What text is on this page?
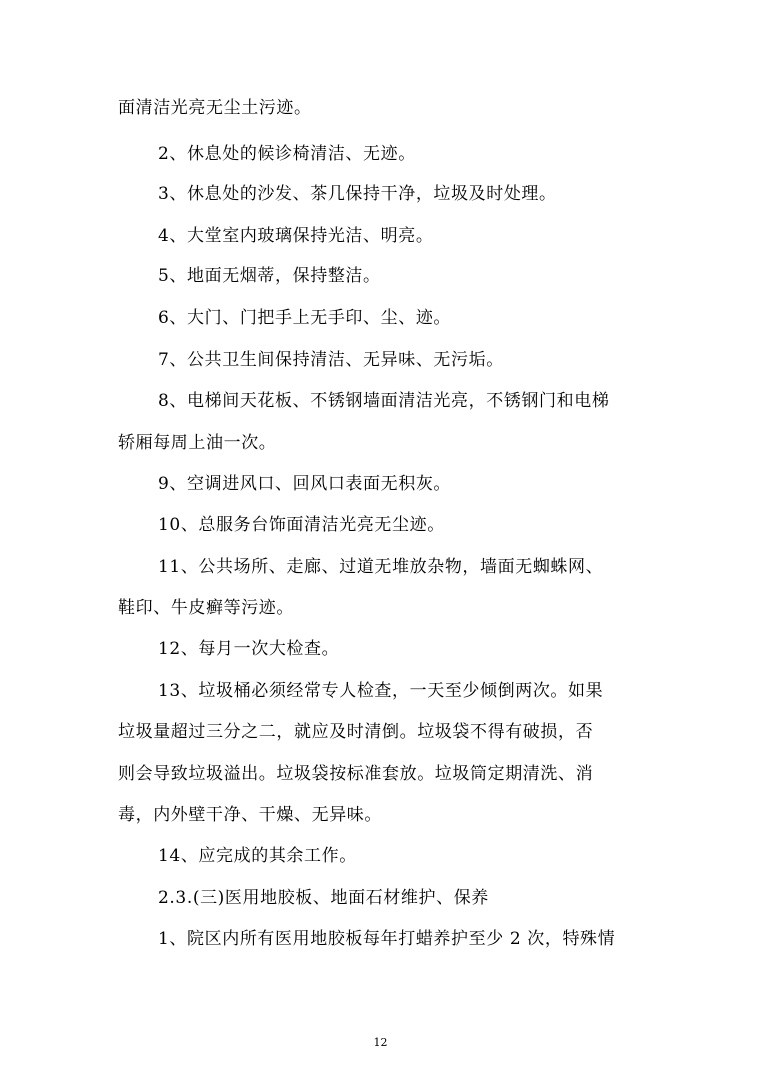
面清洁光亮无尘土污迹。
2、休息处的候诊椅清洁、无迹。
3、休息处的沙发、茶几保持干净，垃圾及时处理。
4、大堂室内玻璃保持光洁、明亮。
5、地面无烟蒂，保持整洁。
6、大门、门把手上无手印、尘、迹。
7、公共卫生间保持清洁、无异味、无污垢。
8、电梯间天花板、不锈钢墙面清洁光亮，不锈钢门和电梯
轿厢每周上油一次。
9、空调进风口、回风口表面无积灰。
10、总服务台饰面清洁光亮无尘迹。
11、公共场所、走廊、过道无堆放杂物，墙面无蜘蛛网、
鞋印、牛皮癣等污迹。
12、每月一次大检查。
13、垃圾桶必须经常专人检查，一天至少倾倒两次。如果
垃圾量超过三分之二，就应及时清倒。垃圾袋不得有破损，否
则会导致垃圾溢出。垃圾袋按标准套放。垃圾筒定期清洗、消
毒，内外壁干净、干燥、无异味。
14、应完成的其余工作。
2.3.(三)医用地胶板、地面石材维护、保养
1、院区内所有医用地胶板每年打蜡养护至少 2 次，特殊情
12
